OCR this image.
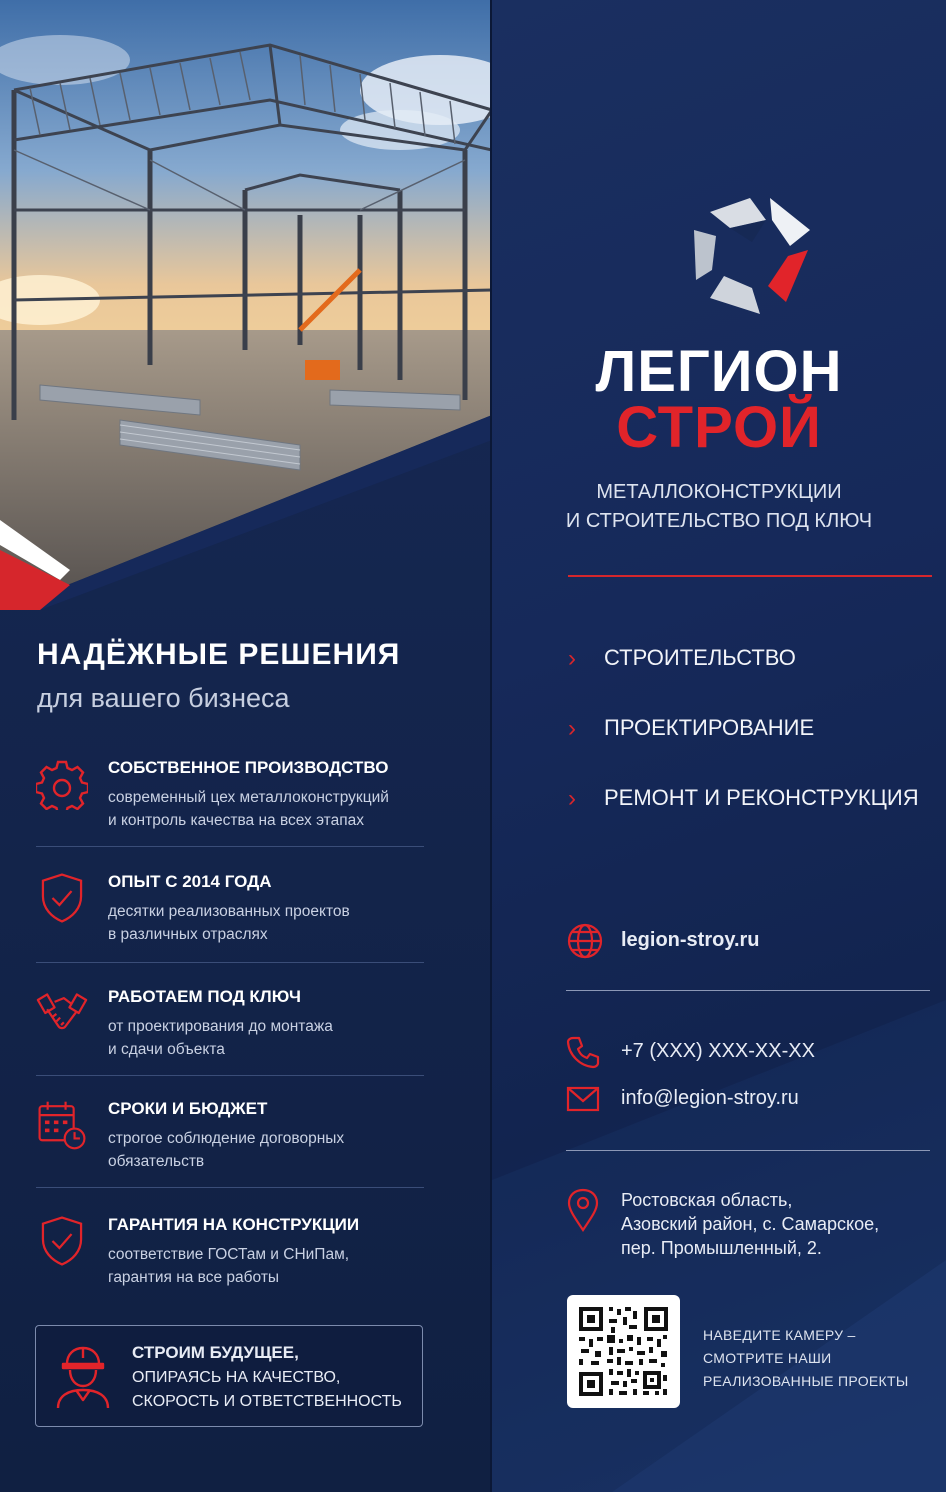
НАДЁЖНЫЕ РЕШЕНИЯ
для вашего бизнеса
СОБСТВЕННОЕ ПРОИЗВОДСТВО
современный цех металлоконструкций
и контроль качества на всех этапах
ОПЫТ С 2014 ГОДА
десятки реализованных проектов
в различных отраслях
РАБОТАЕМ ПОД КЛЮЧ
от проектирования до монтажа
и сдачи объекта
СРОКИ И БЮДЖЕТ
строгое соблюдение договорных
обязательств
ГАРАНТИЯ НА КОНСТРУКЦИИ
соответствие ГОСТам и СНиПам,
гарантия на все работы
СТРОИМ БУДУЩЕЕ,
ОПИРАЯСЬ НА КАЧЕСТВО,
СКОРОСТЬ И ОТВЕТСТВЕННОСТЬ
ЛЕГИОН
СТРОЙ
МЕТАЛЛОКОНСТРУКЦИИ
И СТРОИТЕЛЬСТВО ПОД КЛЮЧ
› СТРОИТЕЛЬСТВО
› ПРОЕКТИРОВАНИЕ
› РЕМОНТ И РЕКОНСТРУКЦИЯ
legion-stroy.ru
+7 (XXX) XXX-XX-XX
info@legion-stroy.ru
Ростовская область,
Азовский район, с. Самарское,
пер. Промышленный, 2.
НАВЕДИТЕ КАМЕРУ –
СМОТРИТЕ НАШИ
РЕАЛИЗОВАННЫЕ ПРОЕКТЫ
